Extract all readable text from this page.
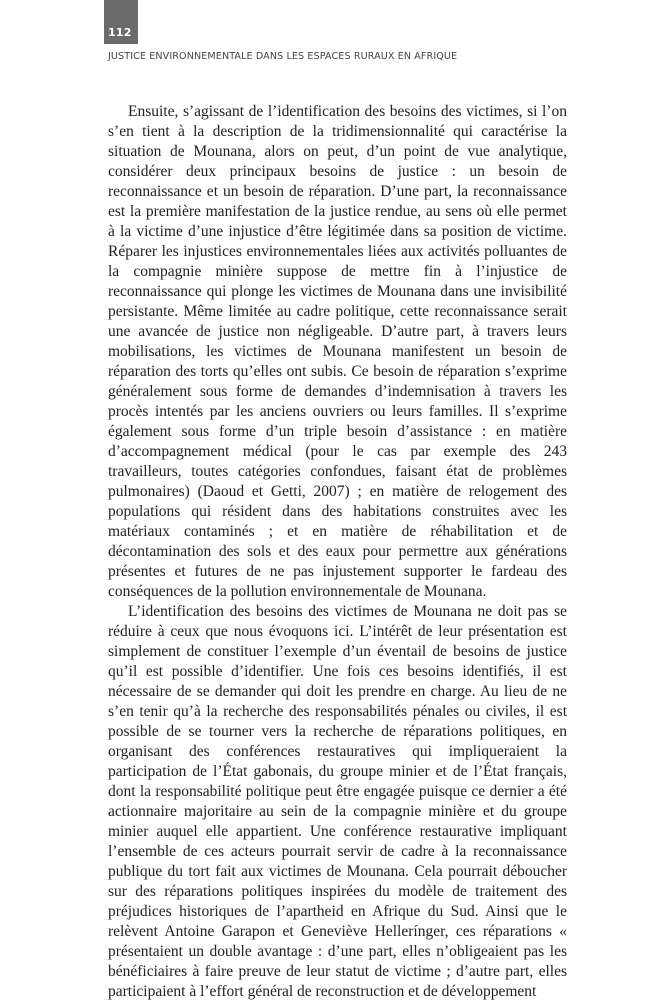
112
JUSTICE ENVIRONNEMENTALE DANS LES ESPACES RURAUX EN AFRIQUE

Ensuite, s’agissant de l’identification des besoins des victimes, si l’on s’en tient à la description de la tridimensionnalité qui caractérise la situation de Mounana, alors on peut, d’un point de vue analytique, considérer deux principaux besoins de justice : un besoin de reconnaissance et un besoin de réparation. D’une part, la reconnaissance est la première manifestation de la justice rendue, au sens où elle permet à la victime d’une injustice d’être légitimée dans sa position de victime. Réparer les injustices environnementales liées aux activités polluantes de la compagnie minière suppose de mettre fin à l’injustice de reconnaissance qui plonge les victimes de Mounana dans une invisibilité persistante. Même limitée au cadre politique, cette reconnaissance serait une avancée de justice non négligeable. D’autre part, à travers leurs mobilisations, les victimes de Mounana manifestent un besoin de réparation des torts qu’elles ont subis. Ce besoin de réparation s’exprime généralement sous forme de demandes d’indemnisation à travers les procès intentés par les anciens ouvriers ou leurs familles. Il s’exprime également sous forme d’un triple besoin d’assistance : en matière d’accompagnement médical (pour le cas par exemple des 243 travailleurs, toutes catégories confondues, faisant état de problèmes pulmonaires) (Daoud et Getti, 2007) ; en matière de relogement des populations qui résident dans des habitations construites avec les matériaux contaminés ; et en matière de réhabilitation et de décontamination des sols et des eaux pour permettre aux générations présentes et futures de ne pas injustement supporter le fardeau des conséquences de la pollution environnementale de Mounana.

L’identification des besoins des victimes de Mounana ne doit pas se réduire à ceux que nous évoquons ici. L’intérêt de leur présentation est simplement de constituer l’exemple d’un éventail de besoins de justice qu’il est possible d’identifier. Une fois ces besoins identifiés, il est nécessaire de se demander qui doit les prendre en charge. Au lieu de ne s’en tenir qu’à la recherche des responsabilités pénales ou civiles, il est possible de se tourner vers la recherche de réparations politiques, en organisant des conférences restauratives qui impliqueraient la participation de l’État gabonais, du groupe minier et de l’État français, dont la responsabilité politique peut être engagée puisque ce dernier a été actionnaire majoritaire au sein de la compagnie minière et du groupe minier auquel elle appartient. Une conférence restaurative impliquant l’ensemble de ces acteurs pourrait servir de cadre à la reconnaissance publique du tort fait aux victimes de Mounana. Cela pourrait déboucher sur des réparations politiques inspirées du modèle de traitement des préjudices historiques de l’apartheid en Afrique du Sud. Ainsi que le relèvent Antoine Garapon et Geneviève Hellerínger, ces réparations « présentaient un double avantage : d’une part, elles n’obligeaient pas les bénéficiaires à faire preuve de leur statut de victime ; d’autre part, elles participaient à l’effort général de reconstruction et de développement
